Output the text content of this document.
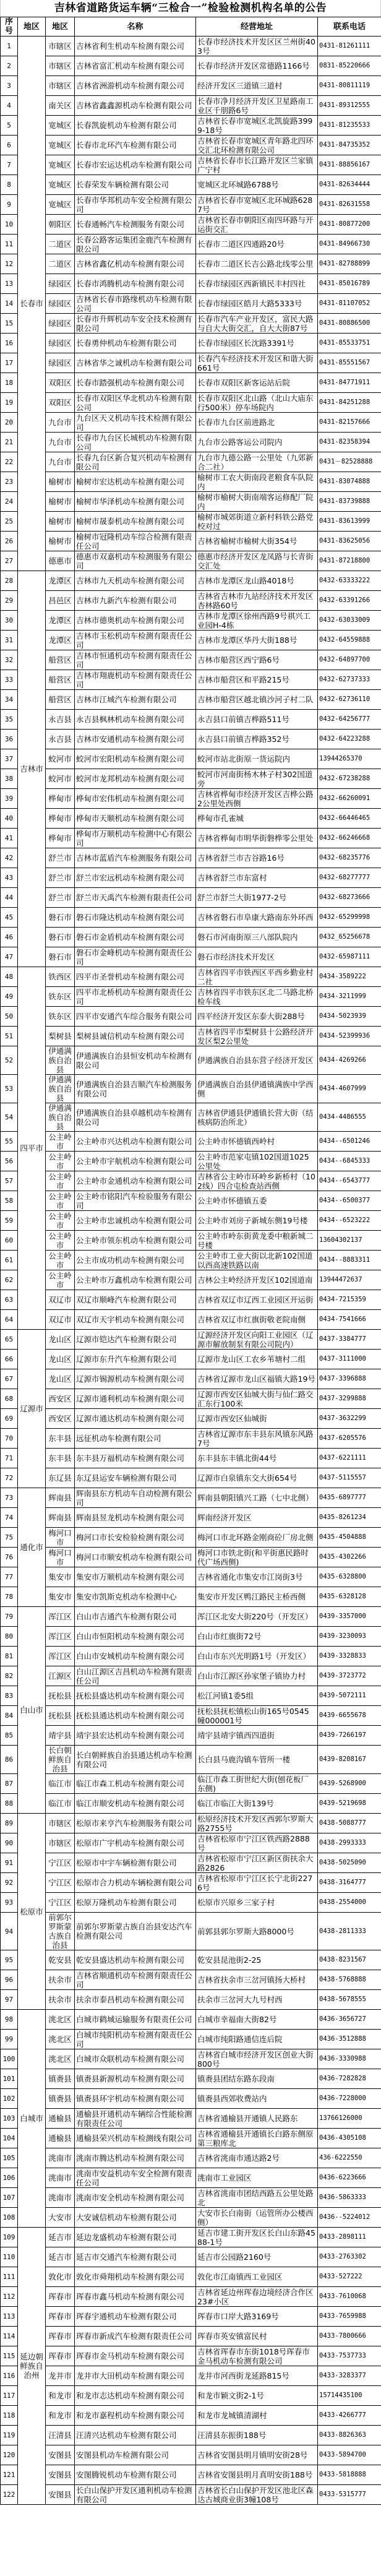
吉林省道路货运车辆“三检合一”检验检测机构名单的公告
序号	地区	地区	名称	经营地址	联系电话
1	长春市	市辖区	吉林省利生机动车检测有限公司	长春市经济技术开发区区兰州街403号	0431-81261111
2		市辖区	吉林省富汇机动车检测有限公司	长春市经济开发区常德路1166号	0831-85220666
3		市辖区	吉林省洲游机动车检测有限公司	经济开发区三道镇三道村	0431-80811119
4		南关区	吉林省鑫鑫源机动车检测有限公司	长春市净月经济开发区卫星路南工业区千朋路6号	0431-89312555
5		宽城区	长春凯旋机动车检测有限公司	吉林省长春市宽城区北凯旋路3999-18号	0431-81235533
6		宽城区	长春市北环汽车检测有限公司	吉林省长春市宽城区青年路北四环交汇北环检测有限公司	0431-84735352
7		宽城区	长春市宏运达机动车检测有限公司	吉林省长春市长江路开发区兰家镇广宁村	0431-88856167
8		宽城区	长春荣发车辆检测有限公司	宽城区北环城路6788号	0431-82634444
9		宽城区	长春市华邦机动车安全检测有限公司	吉林省长春市宽城区北环城路6287号	0431-82631558
10		朝阳区	长春通畅汽车检测服务有限公司	吉林省长春市朝阳区南四环路与开运街交汇	0431-80877200
11		二道区	长春公路客运集团金鹿汽车检测有限公司	长春市二道区四通路20号	0431-84966730
12		二道区	吉林省鑫亿机动车检测有限公司	长春市二道区长吉公路北线零公里	0431-82788899
13		绿园区	长春市鸿腾机动车检测有限公司	长春市绿园区西新镇民丰村四社	0431-85016789
14		绿园区	吉林省长春市路缘机动车检测有限公司	长春市绿园区皓月大路5333号	0431-81107052
15		绿园区	长春市升辉机动车安全技术检测有限公司	长春市汽车产业开发区，富民大路与自大大街交汇，自大大街87号	0431-80886500
16		绿园区	长春勇仲机动车检测有限公司	长春市绿园区长沈路3391号	0431-85533751
17		绿园区	吉林省华之诚机动车检测有限公司	长春汽车经济技术开发区和谐大街661号	0431-85551567
18		双阳区	长春市踏强机动车检测有限公司	长春市双阳区新客运站后院	0431-84771911
19		双阳区	长春市双阳区华北机动车检测有限公司	长春市双阳区北山路（北山大庙东行500米）停车场院内	0431-84251288
20		九台市	九台区天义机动车技术检测有限公司	长春市九台区前进路北	0431-82157666
21		九台市	长春市九台区长城机动车检测有限公司	九台市公路客运公司院内	0431-82358394
22		九台市	长春九台区新合复兴机动车检测有限公司	九台市九德公路一公里处（九郊新合二社）	0431－82528888
23		榆树市	榆树市宏达机动车检测有限公司	榆树市工农大街南段老粮食车队院内	0431-83074888
24		榆树市	榆树市华泽机动车检测有限公司	榆树市榆树大街南端客运修配厂院内	0431-83739888
25		榆树市	榆树市晟泰机动车检测有限公司	榆树市城郊街道立新村料铁公路党校对过	0431-83613999
26		榆树市	榆树市冠隆机动车综合检测有限责任公司	吉林省榆树市榆树大街354号	0431-83625056
27		德惠市	德惠市双嘉机动车检测服务有限公司	德惠市经济开发区龙凤路与长青街交汇处	0431-87218800
28	吉林市	龙潭区	吉林市九天机动车检测有限公司	吉林市龙潭区龙山路4018号	0432-63333222
29		昌邑区	吉林市九新汽车检测有限公司	吉林省吉林市九站经济技术开发区杏林路60号	0432-63391266
30		龙潭区	吉林市德奥机动车检测有限公司	吉林市龙潭区徐州西路9号祺兴工业园H-4栋	0432-63033009
31		龙潭区	吉林市玉松机动车检测有限责任公司	吉林市龙潭区华丹大街188号	0432-64559888
32		船营区	吉林市恒通机动车检测有限责任公司	吉林市船营区西宁路6号	0432-64897700
33		船营区	吉林市翔鹿机动车检测有限责任公司	吉林市船营区和平路215号	0432-62737333
34		船营区	吉林市江城汽车检测有限公司	吉林市船营区越北镇沙河子村二队	0432-62736110
35		永吉县	永吉县枫林机动车检测有限公司	永吉县口前镇吉桦路511号	0432-64256777
36		永吉县	吉林市安通机动车检测有限公司	永吉县口前镇吉桦路352号	0432-64223288
37		蛟河市	蛟河市宏阳机动车检测有限公司	蛟河市站北街原一货运院内	13944265370
38		蛟河市	蛟河市龙邦机动车检测有限公司	蛟河市河南街杨木林子村302国道旁	0432-67238288
39		桦甸市	桦甸市宏伟机动车检测有限公司	吉林省桦甸市经济开发区吉桦公路2公里处西侧	0432-66260091
40		桦甸市	桦甸市天顺机动车检测有限公司	桦甸市孔雀城	0432-66446465
41		桦甸市	桦甸市万顺机动车检测中心有限公司	吉林省桦甸市明华街磐桦零公里处	0432-66246668
42		舒兰市	吉林市蓝盾汽车检测服务有限公司	吉林省舒兰市吉谷路16号	0432-68235776
43		舒兰市	舒兰市宏远机动车检测有限公司	吉林省舒兰市东富村	0432-68277777
44		舒兰市	舒兰市天禹汽车检测有限责任公司	舒兰市舒兰大街1977-2号	0432-68273666
45		磐石市	磐石市隆达机动车检测有限公司	吉林省磐石市阜康大路南东外环西	0432-65299998
46		磐石市	磐石市金盾机动车检测有限公司	磐石市河南街原三八部队院内	0432_65256678
47		磐石市	磐石市金峰机动车检测有限责任公司	磐石市经济技术开发区	0432-65987111
48	四平市	铁西区	四平市圣誉机动车检测有限公司	吉林省四平市铁西区平西乡勤业村二社	0434-3589222
49		铁东区	四平市北桥机动车检测有限责任公司	吉林省四平市铁东区北二马路北桥检车线	0434-3211999
50		铁东区	四平市安通汽车综合服务有限公司	四平经济开发区东泰大街288号	0434-5023939
51		梨树县	梨树县诚信机动车检测有限公司	吉林省四平市梨树县十公路经济开发区梨2公里处	0434-52399936
52		伊通满族自治县	伊通满族自治县恒安机动车检测有限公司	伊通满族自治县东营子经济开发区	0434-4269266
53		伊通满族自治县	伊通满族自治县吉顺汽车检测服务有限公司	伊通满族自治县伊通镇满族中学西侧	0434-4607999
54		伊通满族自治县	伊通满族自治县卓越机动车检测有限公司	吉林省伊通县伊通镇长营大街（结核病防治所北）	0434-4486555
55		公主岭市	公主岭市兴达机动车检测有限公司	公主岭市怀德镇西岭村	0434--6501246
56		公主岭市	公主岭市宇航机动车检测有限公司	公主岭市范家屯镇102国道1025公里处	0434--6845333
57		公主岭市	公主岭市金通机动车检测有限公司	吉林省公主岭市环岭乡新桥村（102线）四合屯检查站西侧	0434--6543777
58		公主岭市	公主岭市铭阳汽车检验服务有限公司	公主岭市怀德镇五委	0434--6500377
59		公主岭市	公主岭市忠诚机动车检测有限公司	公主岭市刘房子新城东侧19号楼	0434--6523222
60		公主岭市	公主岭市领东机动车检测有限公司	公主岭市岭东街黄龙委中粮新城二号楼	13604302137
61		公主岭市	公主市成功机动车检测有限公司	公主岭市工业大街以北新102国道以西高速铁路以南	0434--8883311
62		公主岭市	公主岭市万鑫机动车检测有限公司	吉林公主岭经济开发区102国道南	13944472637
63		双辽市	双辽市顺峰汽车检测有限公司	吉林省双辽市辽西工业园区开运街	0434-7215359
64		双辽市	双辽市天宇机动车检测有限公司	吉林省双辽市红旗街敬老院南侧	0434-7541666
65	辽源市	龙山区	辽源市铠达汽车检测有限公司	辽源经济开发区向阳工业园区（辽源市解放制泵有限公司院内）	0437-3384777
66		龙山区	辽源市东升汽车检测有限公司	辽源市龙山区工农乡苇塘村二组	0437-3111000
67		龙山区	辽源市锡源机动车检测有限公司	吉林省辽源市龙山区福镇大路19号	0437-3396888
68		西安区	辽源市通利机动车检测有限公司	辽源市西安区仙城大街与仙仁路交汇东行100米	0437-3299888
69		西安区	辽源市通达机动车检测有限公司	辽源市西安区仙城街	0437-3632299
70		东丰县	远征机动车检测有限公司	吉林省辽源市东丰县东风镇东风路7号	0437-6205576
71		东丰县	东丰县万福机动车检测有限公司	东丰县东丰镇北街44号	0437-6221111
72		东辽县	东辽县运安车辆检测有限公司	辽源市白泉镇东交大街654号	0437-5115557
73	通化市	辉南县	辉南县东方机动车自动检测有限公司	辉南县朝阳镇兴工路（七中北侧）	0435-6897777
74		辉南县	辉南县昱龙机动车检测有限公司	辉南经济开发区	0435-8261234
75		梅河口市	梅河口市长安检验检测有限公司	梅河口市北环路金刚商砼厂房北侧	0435-4504888
76		梅河口市	梅河口市顺安机动车检测有限公司	梅河口市铁北街(和平街惠民路时代广场西侧)	0435-4302266
77		集安市	集安市万顺机动车检测有限公司	吉林省通化市集安市江岗街3号	0435-6328800
78		集安市	集安市凯斯克机动车检测中心	集安市开发区鸭江路民主桥西侧	0435-6328128
79	白山市	浑江区	白山市吉通汽车检测有限公司	浑江区北安大街220号（开发区）	0439-3357000
80		浑江区	白山市恒阳机动车检测有限公司	白山市红旗街72号	0439-3230093
81		浑江区	白山市安城机动车检测有限公司	白山市东兴光明路1号（开发区）	0439-3328833
82		江源区	白山江源区吉昌机动车检测有限责任公司	白山市江源区孙家堡子镇协力村	0439-3723772
83		抚松县	抚松县盛达机动车检测有限公司	松江河镇1委5组	0439-5072111
84		抚松县	抚松县通达机动车检测有限公司	抚松县抚松镇松山街165号0545幢000001号	0439-6655678
85		靖宇县	靖宇县宏达机动车检测有限公司	靖宇县靖宇镇西四道街	0439-7266197
86		长白朝鲜族自治县	长白朝鲜族自治县通达机动车检测有限公司	长白县马鹿沟镇车管所一楼	0439-8208167
87		临江市	临江市森工机动车检测有限公司	临江市森工街世纪大街(刨花板厂东侧)	0439-5268900
88		临江市	临江市顺安机动车检测有限公司	临江市临江大街139号	0439-5219698
89	松原市	市辖区	松原市来亨汽车检测服务有限公司	松原经济技术开发区西郭尔罗斯大路2755号	0438-5088777
90		市辖区	松原市广宇机动车检测有限公司	吉林省松原市宁江区铁西路2888号	0438-2993333
91		宁江区	松原市中宇车辆检测有限公司	吉林省松原市宁江区新区街扶余大路2826	0438-5025090
92		宁江区	松原市合力机动车辆检测有限公司	吉林省松原市宁江区长宁北街2276号	0438-3164777
93		宁江区	松原万隆机动车检测有限公司	松原市兴原乡三家子村	0438-2554000
94		前郭尔罗斯蒙古族自治县	前郭尔罗斯蒙古族自治县安达汽车检测有限公司	前郭县郭尔罗斯大路8000号	0438-2811333
95		乾安县	乾安县盛达机动车检测有限公司	乾安县昆池街2-25	0438-8231567
96		扶余市	吉林省顺通机动车检测有限责任公司	吉林省扶余市三岔河镇扬大桥村	0438-5768888
97		扶余市	扶余市泰昌机动车检测有限公司	扶余市三岔河大九号村西	0438-5678555
98	白城市	洮北区	白城市鹤城运输服务有限责任公司	白城市幸福南大街82号	0436-3656727
99		洮北区	白城市纯阳机动车检测有限责任公司	白城市纯阳路通信连后院	0436-3512888
100		洮北区	白城市众联机动车检测有限公司	吉林省白城市经济开发区创业大街800号	0436-3330988
101		镇赉县	镇赉县新源机动车检测有限公司	镇赉县团结东路东段南	0436-7282828
102		镇赉县	镇赉县环宇机动车检测有限公司	镇赉县西郊收费站内	0436-7228000
103		通榆县	通榆县开通机动车辆综合性能检测有限责任公司	吉林省通榆县开通镇人民路东	13766126000
104		通榆县	通榆县荣兴机动车检测线有限公司	吉林省通榆县开通镇长白路东侧原第三粮库北	0436-4305108
105		洮南市	洮南市腾达机动车检测有限公司	吉林省洮南市通达路2号	436-6222550
106		洮南市	洮南市安益机动车安全检测有限责任公司	洮南市工业园区	0436-6223666
107		洮南市	洮南市安全机动车检测有限公司	吉林省洮南市团结西路五公里处路北	0436-5863333
108		大安市	大安诚信机动车检测有限公司	大安市长白南街（运管所办公楼西侧）	0436--5224012
109	延边朝鲜族自治州	延吉市	延边龙盛机动车检测有限公司	延吉市建工街开发区长白山东路4588-1号	0433-2898111
110		延吉市	延吉市交通汽车检测有限公司	延吉市公园路2160号	0433-2763302
111		敦化市	敦化市舜翔机动车检测有限公司	敦化市江南镇西工业园区	0433-527222
112		珲春市	珲春市鑫马机动车检测有限公司	吉林省延边州珲春边境经济合作区23#小区	0433-7610068
113		珲春市	珲春宇通机动车检测有限公司	珲春市口岸大路3169号	0433-7659988
114		珲春市	珲春市新成汽车检测有限责任公司	珲春市英安镇富民村	0433-7800666
115		珲春市	珲春市金马机动车检测有限公司	吉林省珲春市东街1018号珲春市金马机动车检测有限公司	0433-7537733
116		龙井市	龙井市大田机动车检测有限公司	龙井市河西街龙延路815号	0433-3283377
117		和龙市	和龙市志达机动车检测有限公司	和龙市颖文街2-1号	15714435100
118		和龙市	和龙市嘉程机动车检测有限公司	和龙市龙城镇清湖村	0433-4266777
119		汪清县	汪清兴达机动车检测有限公司	汪清县东振街188号	0433-8826363
120		安图县	安图县机动车检测有限公司	吉林省安图县明月镇明安街28号	0433-5894700
121		安图县	安图腾锐机动车检测有限公司	吉林省安图县明月真明安街188号	0433-5818888
122		安图县	长白山保护开发区通利机动车检测有限公司	吉林省长白山保护开发区池北区森达古城商业街3幢108号	0433-5315777
